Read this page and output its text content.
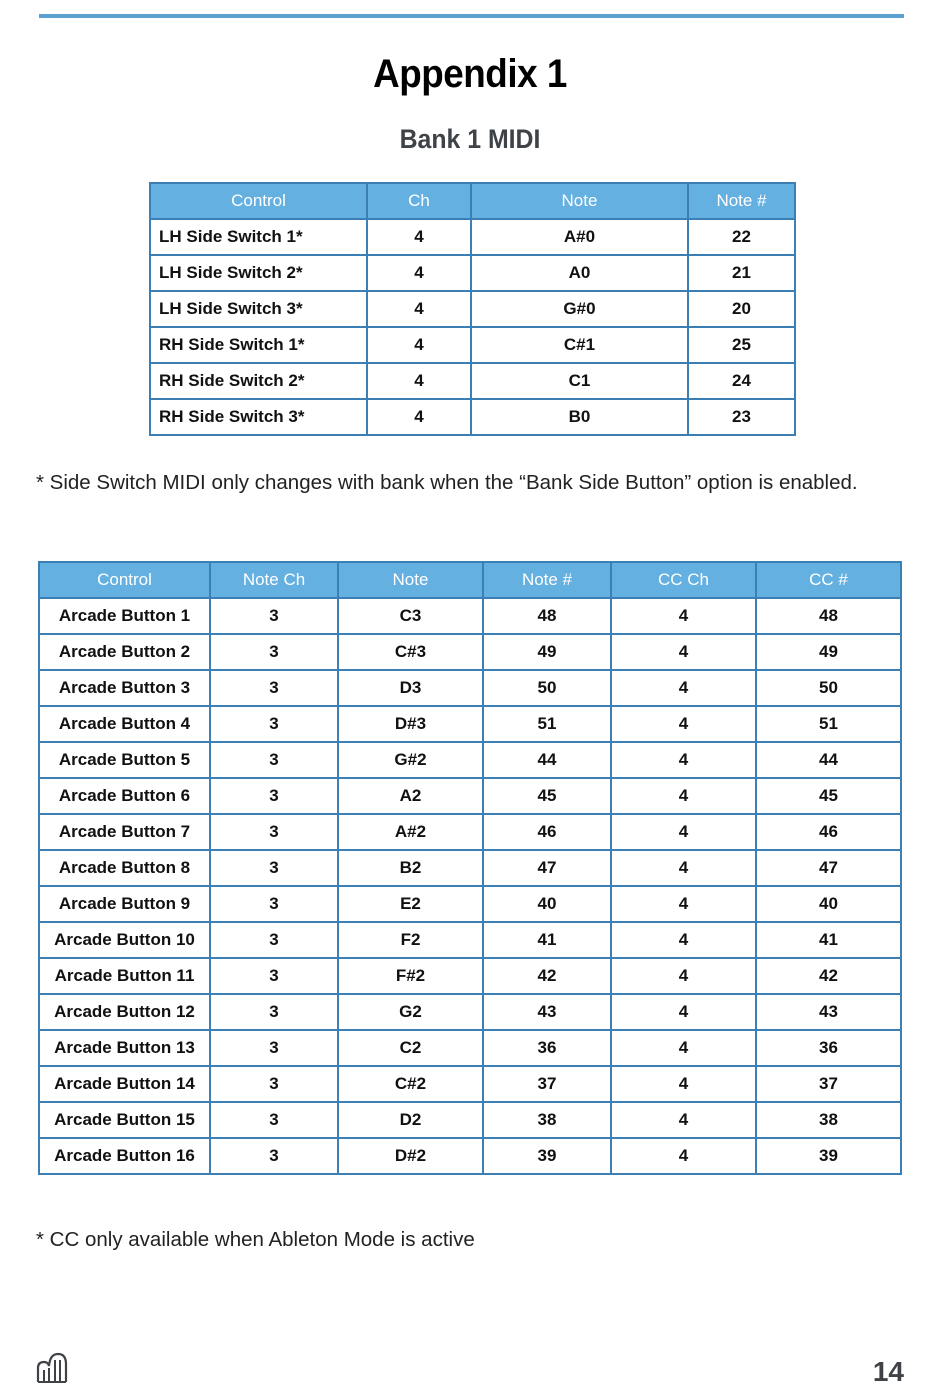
Appendix 1
Bank 1 MIDI
Control	Ch	Note	Note #
LH Side Switch 1*	4	A#0	22
LH Side Switch 2*	4	A0	21
LH Side Switch 3*	4	G#0	20
RH Side Switch 1*	4	C#1	25
RH Side Switch 2*	4	C1	24
RH Side Switch 3*	4	B0	23
* Side Switch MIDI only changes with bank when the “Bank Side Button” option is enabled.
Control	Note Ch	Note	Note #	CC Ch	CC #
Arcade Button 1	3	C3	48	4	48
Arcade Button 2	3	C#3	49	4	49
Arcade Button 3	3	D3	50	4	50
Arcade Button 4	3	D#3	51	4	51
Arcade Button 5	3	G#2	44	4	44
Arcade Button 6	3	A2	45	4	45
Arcade Button 7	3	A#2	46	4	46
Arcade Button 8	3	B2	47	4	47
Arcade Button 9	3	E2	40	4	40
Arcade Button 10	3	F2	41	4	41
Arcade Button 11	3	F#2	42	4	42
Arcade Button 12	3	G2	43	4	43
Arcade Button 13	3	C2	36	4	36
Arcade Button 14	3	C#2	37	4	37
Arcade Button 15	3	D2	38	4	38
Arcade Button 16	3	D#2	39	4	39
* CC only available when Ableton Mode is active
14
